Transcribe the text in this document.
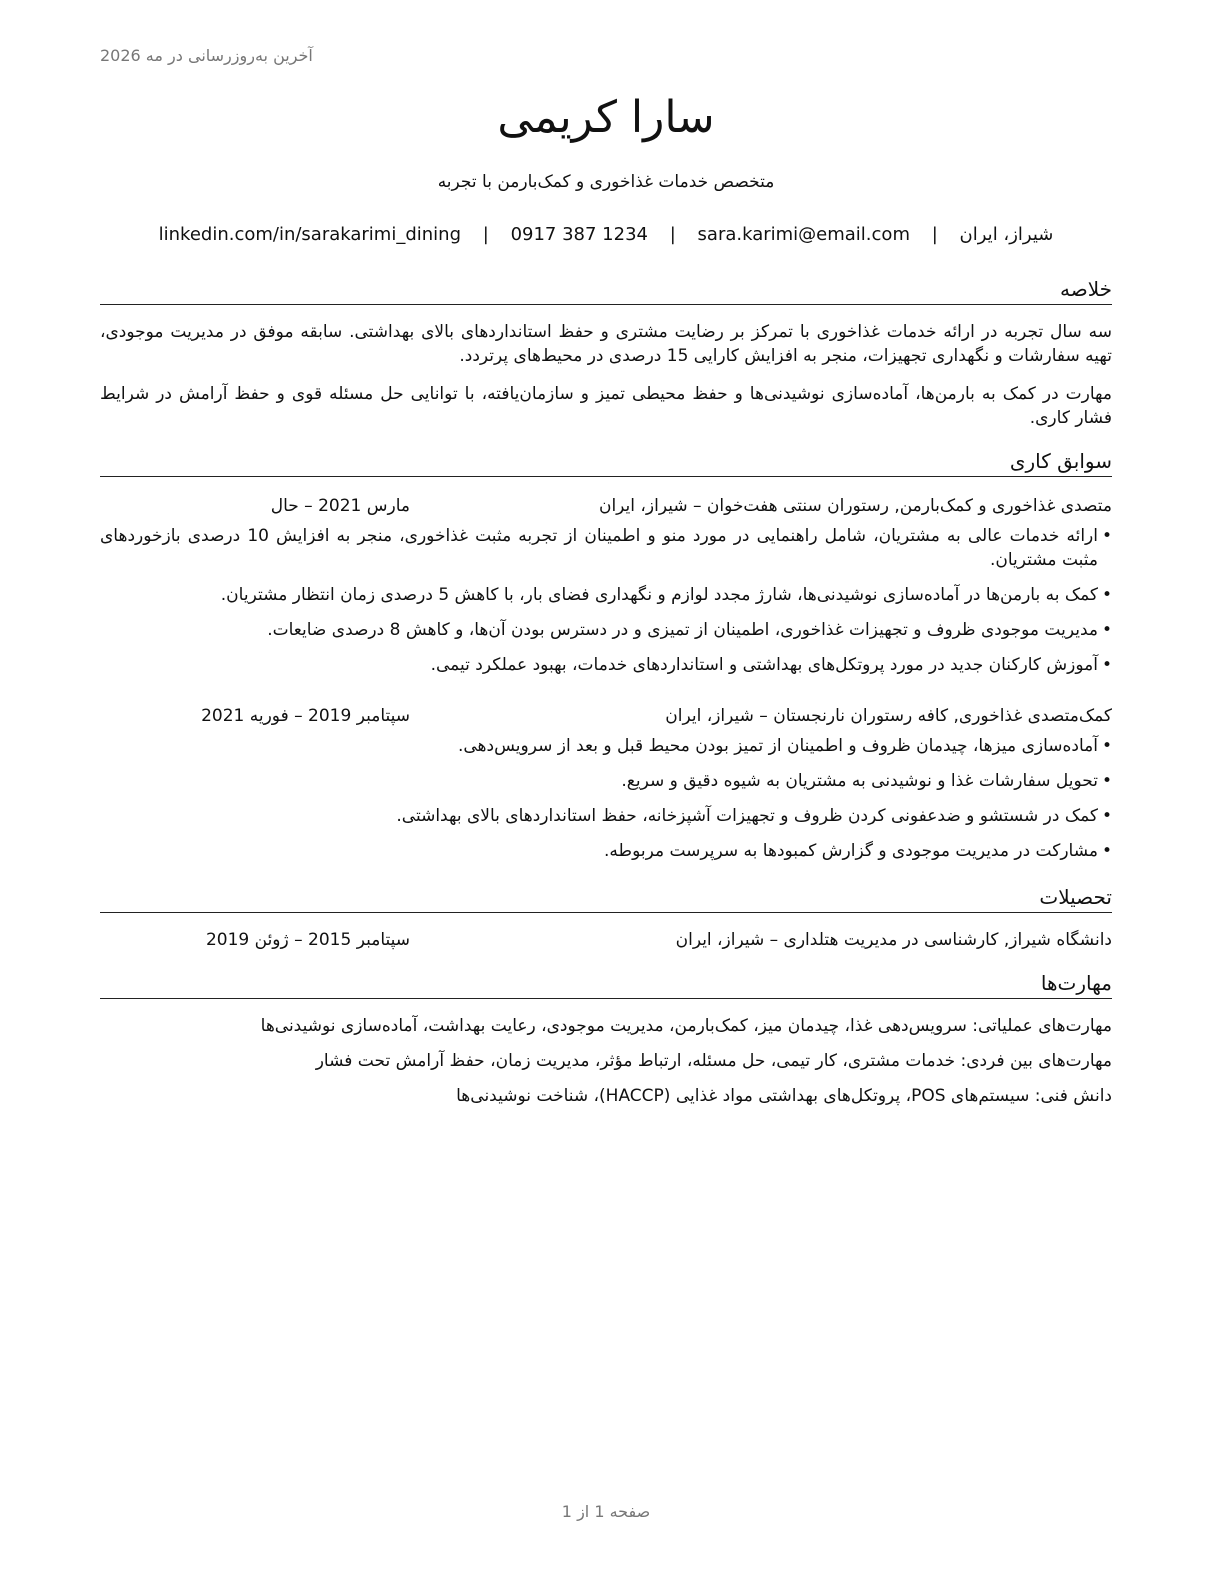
آخرین به‌روزرسانی در مه 2026
سارا کریمی
متخصص خدمات غذاخوری و کمک‌بارمن با تجربه
شیراز، ایران | sara.karimi@email.com | 0917 387 1234 | linkedin.com/in/sarakarimi_dining
خلاصه
سه سال تجربه در ارائه خدمات غذاخوری با تمرکز بر رضایت مشتری و حفظ استانداردهای بالای بهداشتی. سابقه موفق در مدیریت موجودی، تهیه سفارشات و نگهداری تجهیزات، منجر به افزایش کارایی 15 درصدی در محیط‌های پرتردد.
مهارت در کمک به بارمن‌ها، آماده‌سازی نوشیدنی‌ها و حفظ محیطی تمیز و سازمان‌یافته، با توانایی حل مسئله قوی و حفظ آرامش در شرایط فشار کاری.
سوابق کاری
متصدی غذاخوری و کمک‌بارمن, رستوران سنتی هفت‌خوان – شیراز، ایران
مارس 2021 – حال
• ارائه خدمات عالی به مشتریان، شامل راهنمایی در مورد منو و اطمینان از تجربه مثبت غذاخوری، منجر به افزایش 10 درصدی بازخوردهای مثبت مشتریان.
• کمک به بارمن‌ها در آماده‌سازی نوشیدنی‌ها، شارژ مجدد لوازم و نگهداری فضای بار، با کاهش 5 درصدی زمان انتظار مشتریان.
• مدیریت موجودی ظروف و تجهیزات غذاخوری، اطمینان از تمیزی و در دسترس بودن آن‌ها، و کاهش 8 درصدی ضایعات.
• آموزش کارکنان جدید در مورد پروتکل‌های بهداشتی و استانداردهای خدمات، بهبود عملکرد تیمی.
کمک‌متصدی غذاخوری, کافه رستوران نارنجستان – شیراز، ایران
سپتامبر 2019 – فوریه 2021
• آماده‌سازی میزها، چیدمان ظروف و اطمینان از تمیز بودن محیط قبل و بعد از سرویس‌دهی.
• تحویل سفارشات غذا و نوشیدنی به مشتریان به شیوه دقیق و سریع.
• کمک در شستشو و ضدعفونی کردن ظروف و تجهیزات آشپزخانه، حفظ استانداردهای بالای بهداشتی.
• مشارکت در مدیریت موجودی و گزارش کمبودها به سرپرست مربوطه.
تحصیلات
دانشگاه شیراز, کارشناسی در مدیریت هتلداری – شیراز، ایران
سپتامبر 2015 – ژوئن 2019
مهارت‌ها
مهارت‌های عملیاتی: سرویس‌دهی غذا، چیدمان میز، کمک‌بارمن، مدیریت موجودی، رعایت بهداشت، آماده‌سازی نوشیدنی‌ها
مهارت‌های بین فردی: خدمات مشتری، کار تیمی، حل مسئله، ارتباط مؤثر، مدیریت زمان، حفظ آرامش تحت فشار
دانش فنی: سیستم‌های POS، پروتکل‌های بهداشتی مواد غذایی (HACCP)، شناخت نوشیدنی‌ها
صفحه 1 از 1
